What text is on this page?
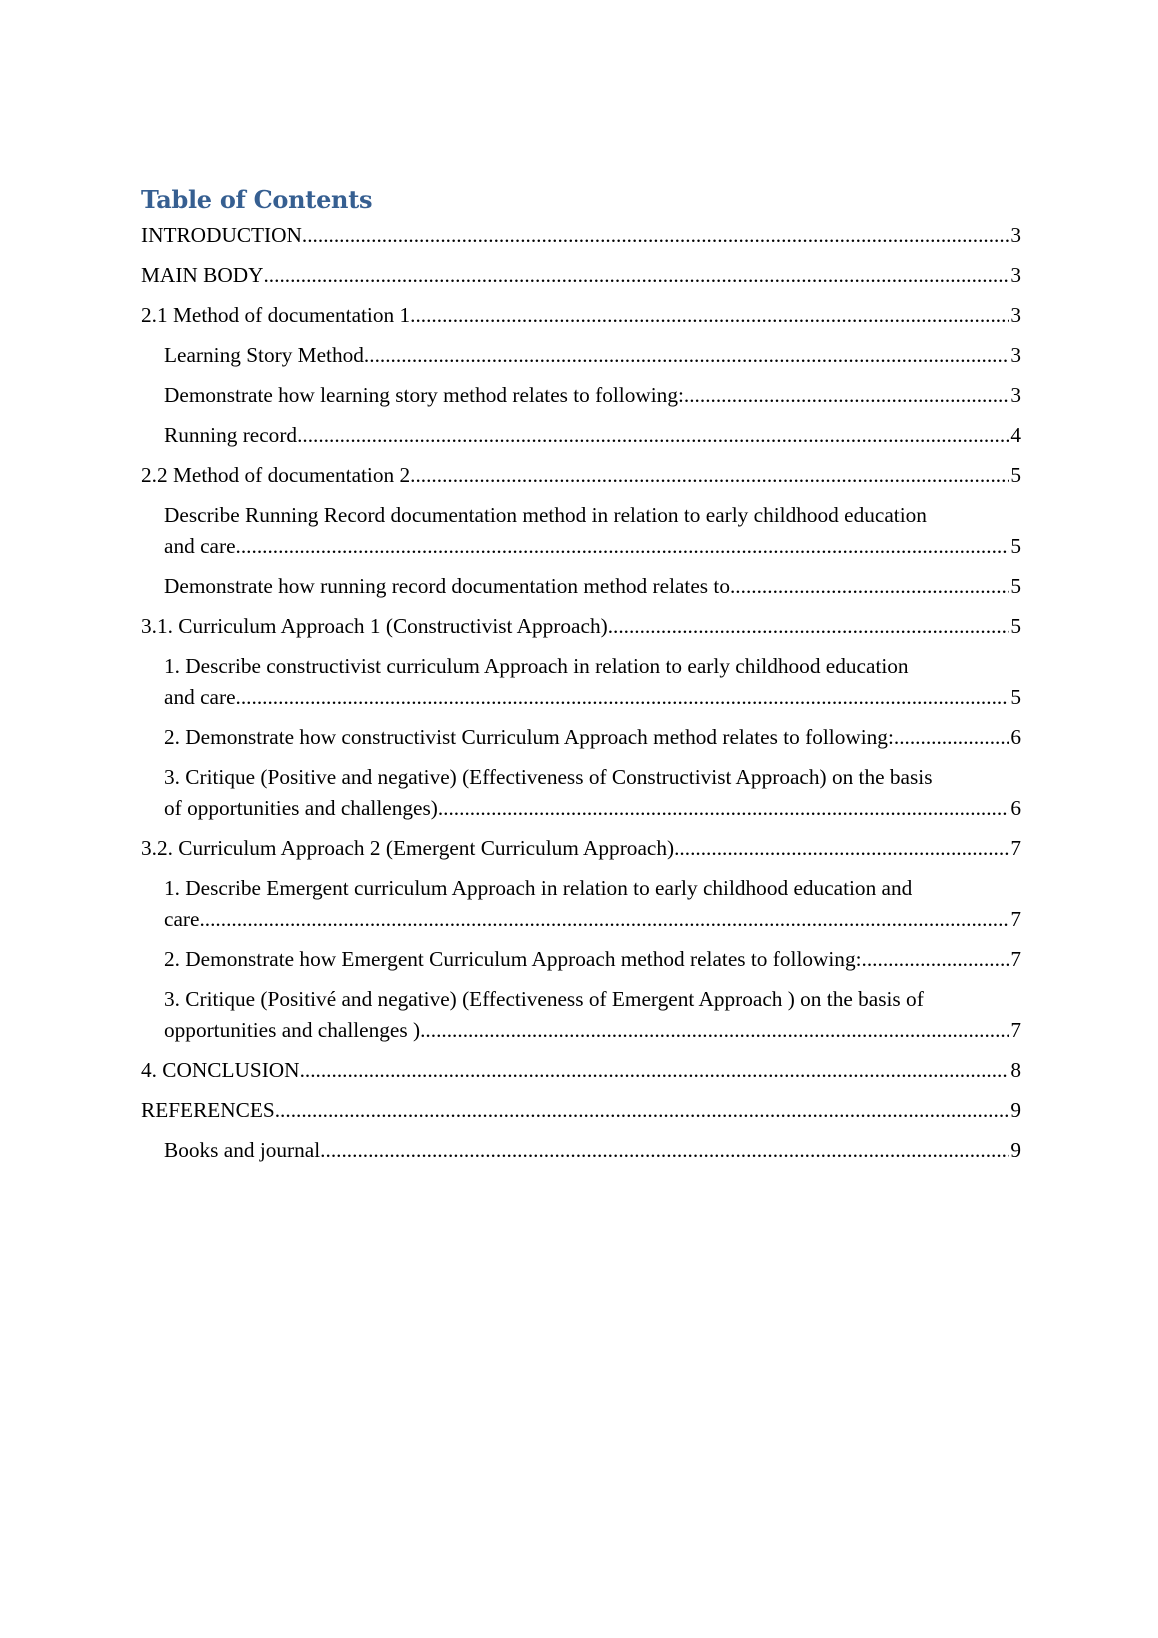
Table of Contents
INTRODUCTION .....	3
MAIN BODY .....	3
2.1 Method of documentation 1 .....	3
Learning Story Method .....	3
Demonstrate how learning story method relates to following: .....	3
Running record .....	4
2.2 Method of documentation 2 .....	5
Describe Running Record documentation method in relation to early childhood education
and care .....	5
Demonstrate how running record documentation method relates to .....	5
3.1. Curriculum Approach 1 (Constructivist Approach) .....	5
1. Describe constructivist curriculum Approach in relation to early childhood education
and care .....	5
2. Demonstrate how constructivist Curriculum Approach method relates to following: .....	6
3. Critique (Positive and negative) (Effectiveness of Constructivist Approach) on the basis
of opportunities and challenges) .....	6
3.2. Curriculum Approach 2 (Emergent Curriculum Approach) .....	7
1. Describe Emergent curriculum Approach in relation to early childhood education and
care .....	7
2. Demonstrate how Emergent Curriculum Approach method relates to following: .....	7
3. Critique (Positivé and negative) (Effectiveness of Emergent Approach ) on the basis of
opportunities and challenges ) .....	7
4. CONCLUSION .....	8
REFERENCES .....	9
Books and journal .....	9
